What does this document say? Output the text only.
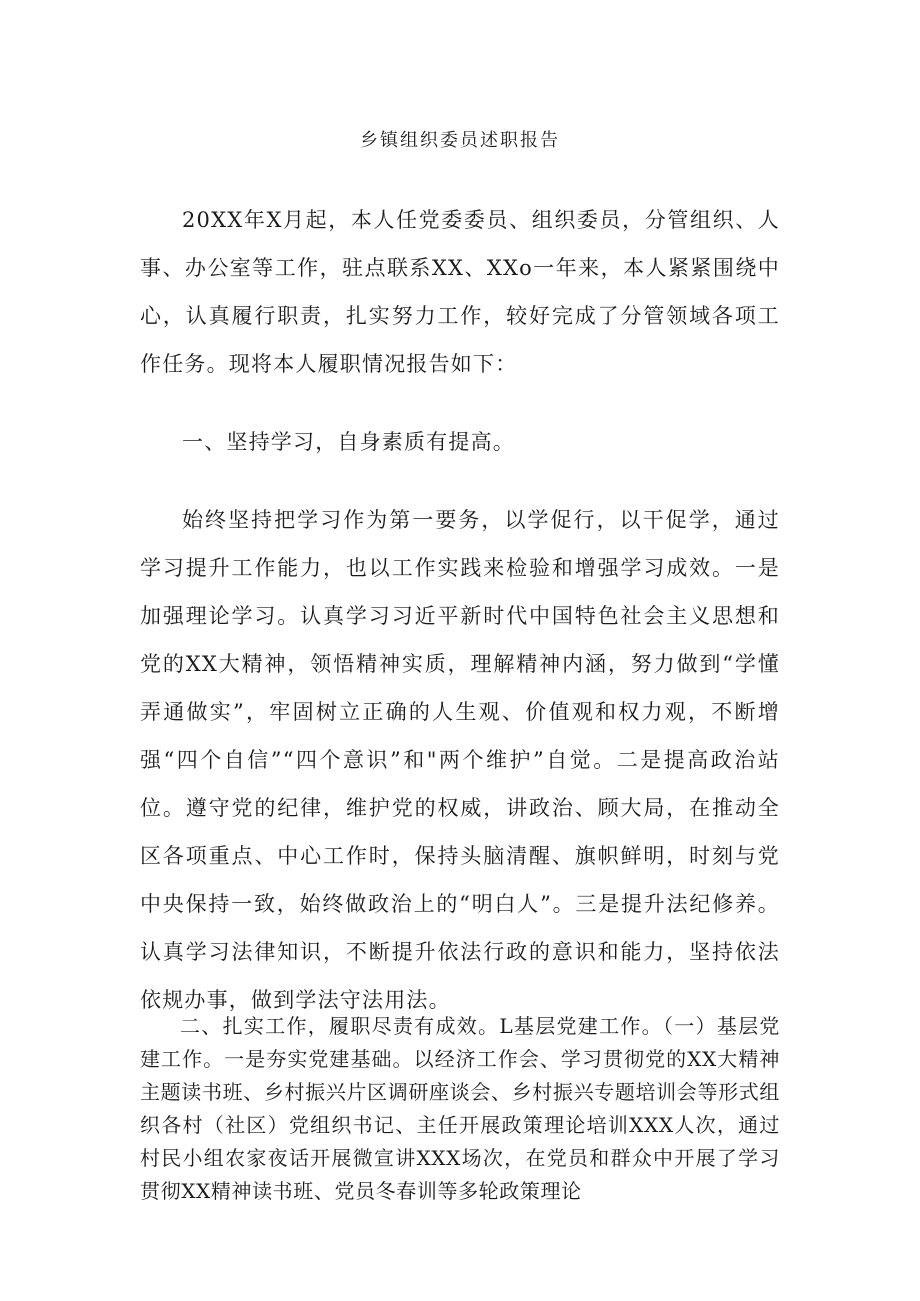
乡镇组织委员述职报告

20XX年X月起，本人任党委委员、组织委员，分管组织、人事、办公室等工作，驻点联系XX、XXo一年来，本人紧紧围绕中心，认真履行职责，扎实努力工作，较好完成了分管领域各项工作任务。现将本人履职情况报告如下：

一、坚持学习，自身素质有提高。

始终坚持把学习作为第一要务，以学促行，以干促学，通过学习提升工作能力，也以工作实践来检验和增强学习成效。一是加强理论学习。认真学习习近平新时代中国特色社会主义思想和党的XX大精神，领悟精神实质，理解精神内涵，努力做到“学懂弄通做实”，牢固树立正确的人生观、价值观和权力观，不断增强“四个自信”“四个意识”和"两个维护”自觉。二是提高政治站位。遵守党的纪律，维护党的权威，讲政治、顾大局，在推动全区各项重点、中心工作时，保持头脑清醒、旗帜鲜明，时刻与党中央保持一致，始终做政治上的“明白人”。三是提升法纪修养。认真学习法律知识，不断提升依法行政的意识和能力，坚持依法依规办事，做到学法守法用法。

二、扎实工作，履职尽责有成效。L基层党建工作。（一）基层党建工作。一是夯实党建基础。以经济工作会、学习贯彻党的XX大精神主题读书班、乡村振兴片区调研座谈会、乡村振兴专题培训会等形式组织各村（社区）党组织书记、主任开展政策理论培训XXX人次，通过村民小组农家夜话开展微宣讲XXX场次，在党员和群众中开展了学习贯彻XX精神读书班、党员冬春训等多轮政策理论
